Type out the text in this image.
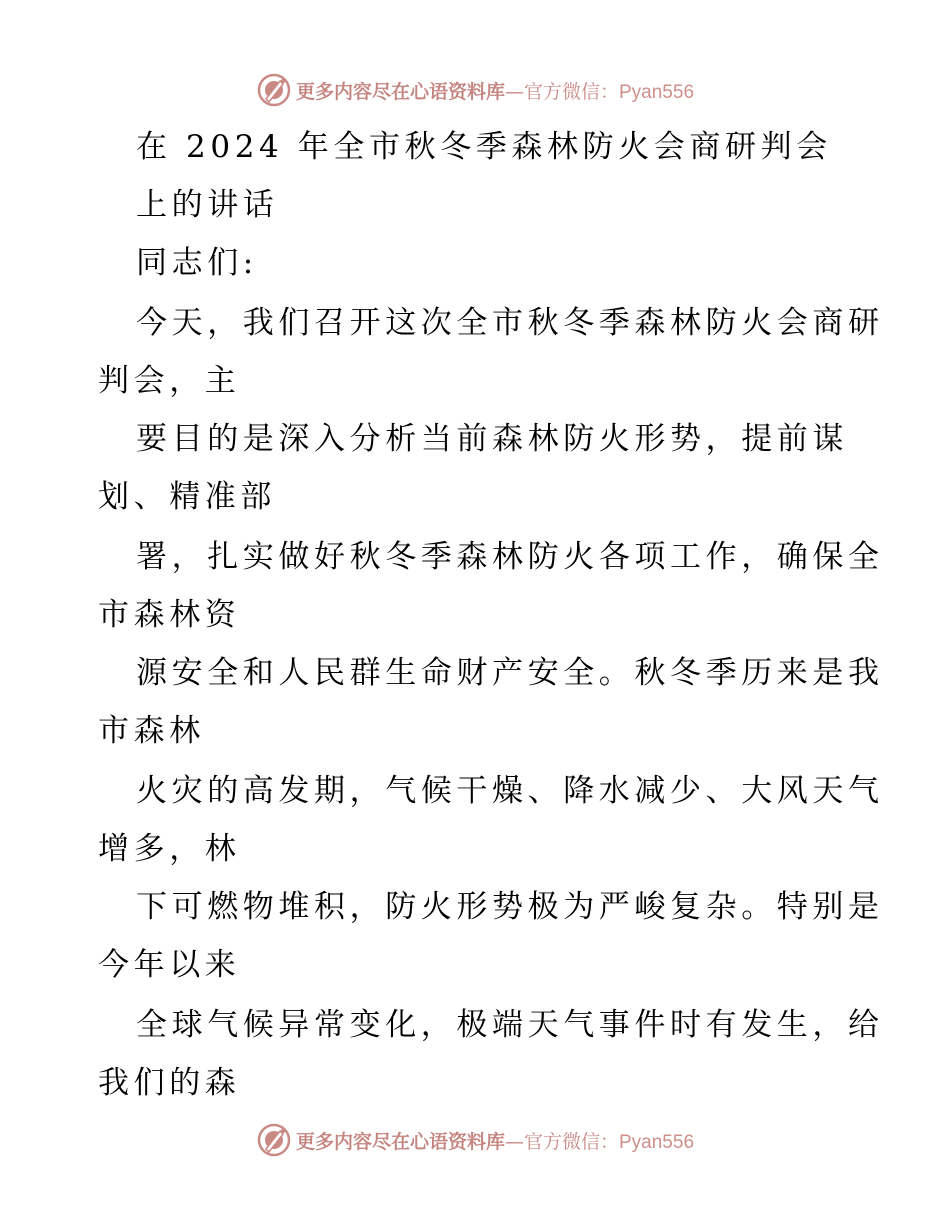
更多内容尽在心语资料库—官方微信：Pyan556
在 2024 年全市秋冬季森林防火会商研判会
上的讲话
同志们:
今天，我们召开这次全市秋冬季森林防火会商研
判会，主
要目的是深入分析当前森林防火形势，提前谋
划、精准部
署，扎实做好秋冬季森林防火各项工作，确保全
市森林资
源安全和人民群生命财产安全。秋冬季历来是我
市森林
火灾的高发期，气候干燥、降水减少、大风天气
增多，林
下可燃物堆积，防火形势极为严峻复杂。特别是
今年以来
全球气候异常变化，极端天气事件时有发生，给
我们的森
更多内容尽在心语资料库—官方微信：Pyan556
